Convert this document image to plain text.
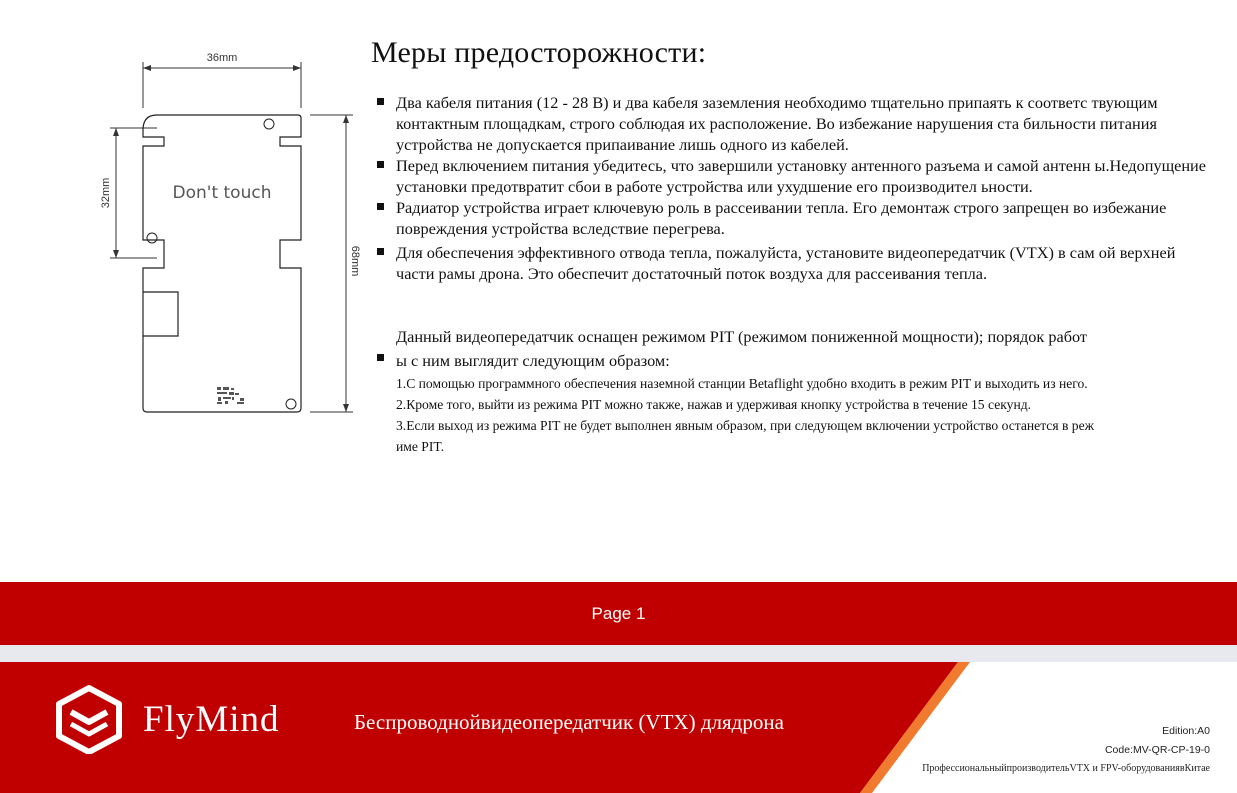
36mm
32mm
68mm
Don't touch
Меры предосторожности:
Два кабеля питания (12 - 28 В) и два кабеля заземления необходимо тщательно припаять к соответс твующим контактным площадкам, строго соблюдая их расположение. Во избежание нарушения ста бильности питания устройства не допускается припаивание лишь одного из кабелей.
Перед включением питания убедитесь, что завершили установку антенного разъема и самой антенн ы.Недопущение установки предотвратит сбои в работе устройства или ухудшение его производител ьности.
Радиатор устройства играет ключевую роль в рассеивании тепла. Его демонтаж строго запрещен во избежание повреждения устройства вследствие перегрева.
Для обеспечения эффективного отвода тепла, пожалуйста, установите видеопередатчик (VTX) в сам ой верхней части рамы дрона. Это обеспечит достаточный поток воздуха для рассеивания тепла.
Данный видеопередатчик оснащен режимом PIT (режимом пониженной мощности); порядок работ
ы с ним выглядит следующим образом:
1.С помощью программного обеспечения наземной станции Betaflight удобно входить в режим PIT и выходить из него.
2.Кроме того, выйти из режима PIT можно также, нажав и удерживая кнопку устройства в течение 15 секунд.
3.Если выход из режима PIT не будет выполнен явным образом, при следующем включении устройство останется в реж
име PIT.
Page 1
FlyMind	Беспроводнойвидеопередатчик (VTX) длядрона	Edition:A0
Code:MV-QR-CP-19-0
ПрофессиональныйпроизводительVTX и FPV-оборудованиявКитае
